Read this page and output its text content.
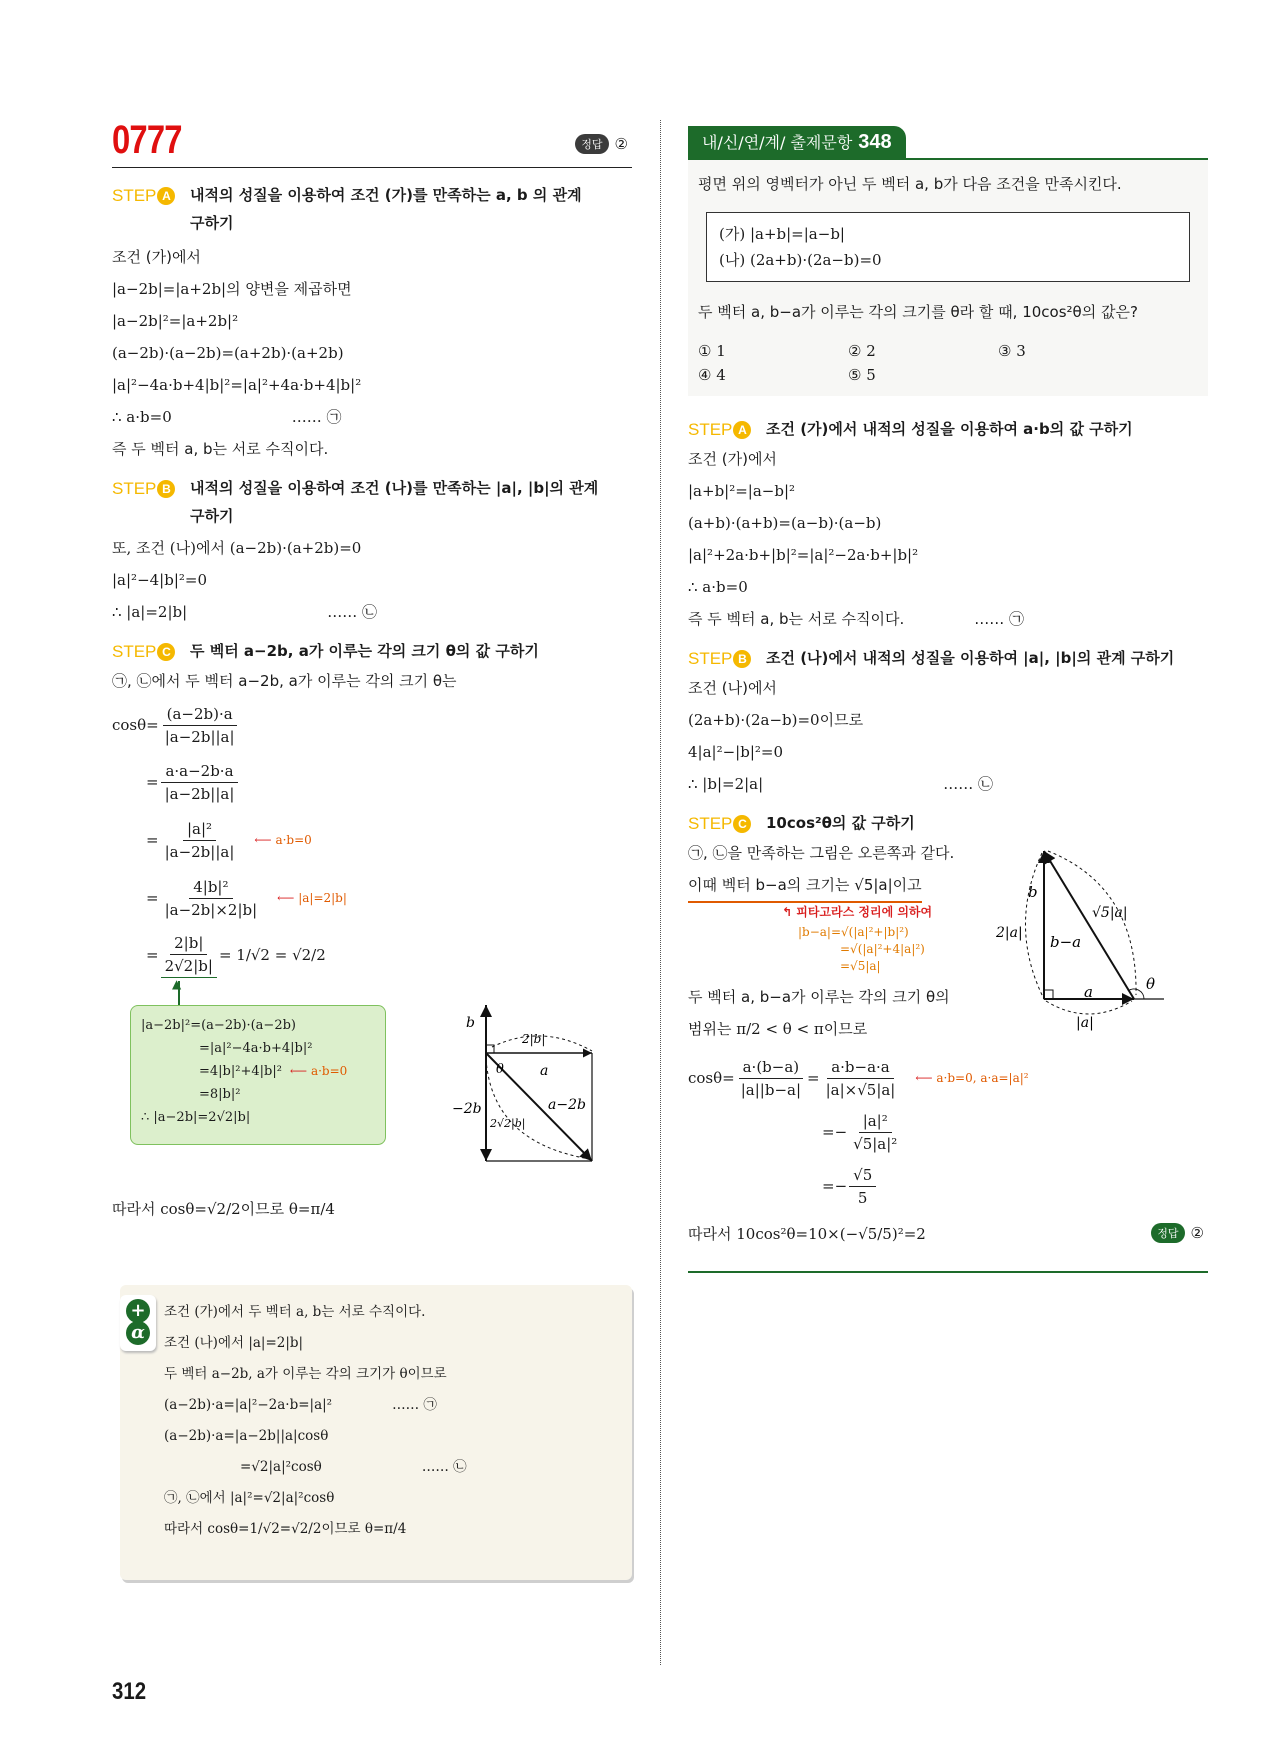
0777	정답 ②
STEP A	내적의 성질을 이용하여 조건 (가)를 만족하는 a, b 의 관계 구하기
조건 (가)에서
|a−2b|=|a+2b|의 양변을 제곱하면
|a−2b|²=|a+2b|²
(a−2b)·(a−2b)=(a+2b)·(a+2b)
|a|²−4a·b+4|b|²=|a|²+4a·b+4|b|²
∴ a·b=0	…… ㉠
즉 두 벡터 a, b는 서로 수직이다.
STEP B	내적의 성질을 이용하여 조건 (나)를 만족하는 |a|, |b|의 관계 구하기
또, 조건 (나)에서 (a−2b)·(a+2b)=0
|a|²−4|b|²=0
∴ |a|=2|b|	…… ㉡
STEP C	두 벡터 a−2b, a가 이루는 각의 크기 θ의 값 구하기
㉠, ㉡에서 두 벡터 a−2b, a가 이루는 각의 크기 θ는
$\cos\theta= \frac{(a-2b)\cdot a}{|a-2b||a|}$
= $\frac{a\cdot a-2b\cdot a}{|a-2b||a|}$
= $\frac{\text{|a|²}}{|a-2b||a|}$ ⟵ a·b=0
= $\frac{\text{4|b|²}}{|a-2b|\times 2|b|}$ ⟵ |a|=2|b|
= $\frac{2|b|}{2√2|b|} = 1/√2 = √2/2$
▲
|a−2b|²=(a−2b)·(a−2b)
=|a|²−4a·b+4|b|²
=4|b|²+4|b|² ⟵ a·b=0
=8|b|²
∴ |a−2b|=2√2|b|
b
−2b
a
a−2b
2|b|
2√2|b|
θ
따라서 cosθ=√2/2이므로 θ=π/4
+
α
조건 (가)에서 두 벡터 a, b는 서로 수직이다.
조건 (나)에서 |a|=2|b|
두 벡터 a−2b, a가 이루는 각의 크기가 θ이므로
(a−2b)·a=|a|²−2a·b=|a|²	…… ㉠
(a−2b)·a=|a−2b||a|cosθ
=√2|a|²cosθ	…… ㉡
㉠, ㉡에서 |a|²=√2|a|²cosθ
따라서 cosθ=1/√2=√2/2이므로 θ=π/4
내/신/연/계/ 출제문항 348
평면 위의 영벡터가 아닌 두 벡터 a, b가 다음 조건을 만족시킨다.
(가) |a+b|=|a−b|
(나) (2a+b)·(2a−b)=0
두 벡터 a, b−a가 이루는 각의 크기를 θ라 할 때, 10cos²θ의 값은?
① 1	② 2	③ 3
④ 4	⑤ 5
STEP A	조건 (가)에서 내적의 성질을 이용하여 a·b의 값 구하기
조건 (가)에서
|a+b|²=|a−b|²
(a+b)·(a+b)=(a−b)·(a−b)
|a|²+2a·b+|b|²=|a|²−2a·b+|b|²
∴ a·b=0
즉 두 벡터 a, b는 서로 수직이다.	…… ㉠
STEP B	조건 (나)에서 내적의 성질을 이용하여 |a|, |b|의 관계 구하기
조건 (나)에서
(2a+b)·(2a−b)=0이므로
4|a|²−|b|²=0
∴ |b|=2|a|	…… ㉡
STEP C	10cos²θ의 값 구하기
㉠, ㉡을 만족하는 그림은 오른쪽과 같다.
이때 벡터 b−a의 크기는 √5|a|이고
↰ 피타고라스 정리에 의하여
|b−a|=√(|a|²+|b|²)
=√(|a|²+4|a|²)
=√5|a|
두 벡터 a, b−a가 이루는 각의 크기 θ의
범위는 π/2 < θ < π이므로
b
2|a|
√5|a|
b−a
a
|a|
θ
$\cos\theta= \frac{a\cdot(b-a)}{|a||b-a|} = \frac{a\cdot b-a\cdot a}{|a|\times√5|a|}$ ⟵ a·b=0, a·a=|a|²
=− $\frac{\text{|a|²}}{\text{√5|a|²}}$
=− $\frac{√5}{5}$
따라서 10cos²θ=10×(−√5/5)²=2	정답 ②
312
